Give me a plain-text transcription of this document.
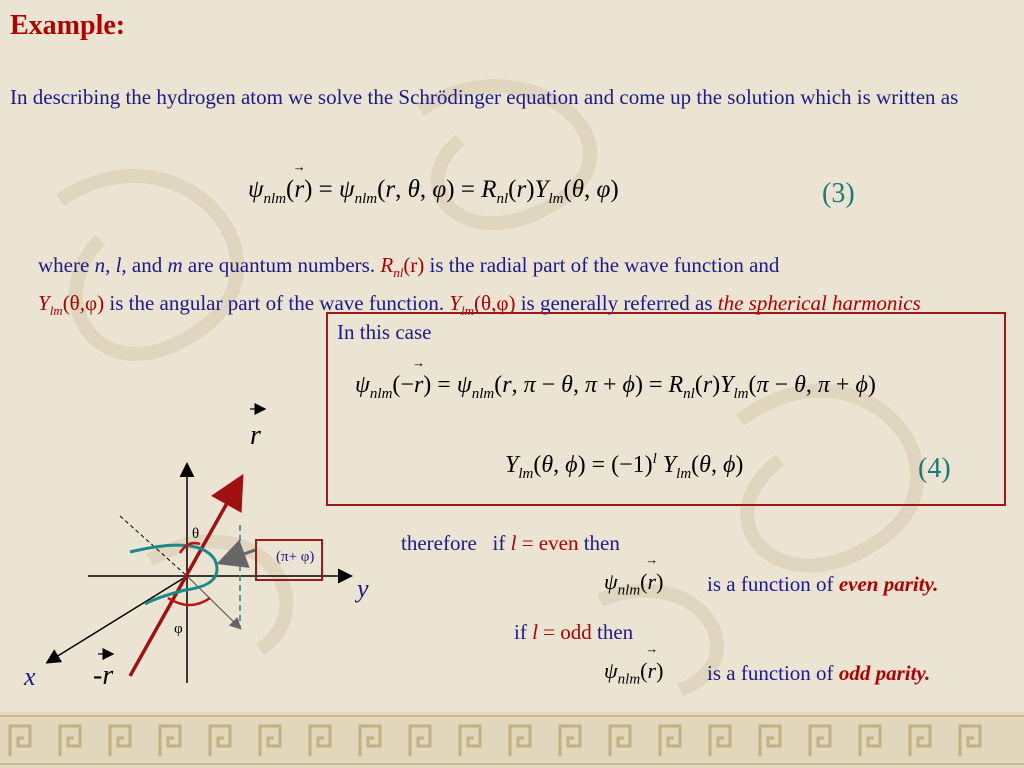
Example:
In describing the hydrogen atom we solve the Schrödinger equation and come up the solution which is written as
$\psi_{nlm}(\to r) = \psi_{nlm}(r$, θ, $\varphi) = R_{nl}(r)Y_{lm}(\theta$, φ)	(3)
where n, l, and m are quantum numbers. $R_{nl}(r)$ is the radial part of the wave function and
$Y_{lm}(\theta,\varphi)$ is the angular part of the wave function. $Y_{lm}(\theta,\varphi)$ is generally referred as the spherical harmonics
In this case
$\psi_{nlm}(-\to r) = \psi_{nlm}(r$, π − θ, $\pi + \phi) = R_{nl}(r)Y_{lm}(\pi - \theta$, π + ϕ)
$Y_{lm}(\theta$, $\phi) = (-1)^l$ $Y_{lm}(\theta$, ϕ)	(4)
therefore if l = even then
$\psi_{nlm}(\to r)$ is a function of even parity.
if l = odd then
$\psi_{nlm}(\to r)$ is a function of odd parity.
(π+ φ)
r
-r
x
y
θ
φ
